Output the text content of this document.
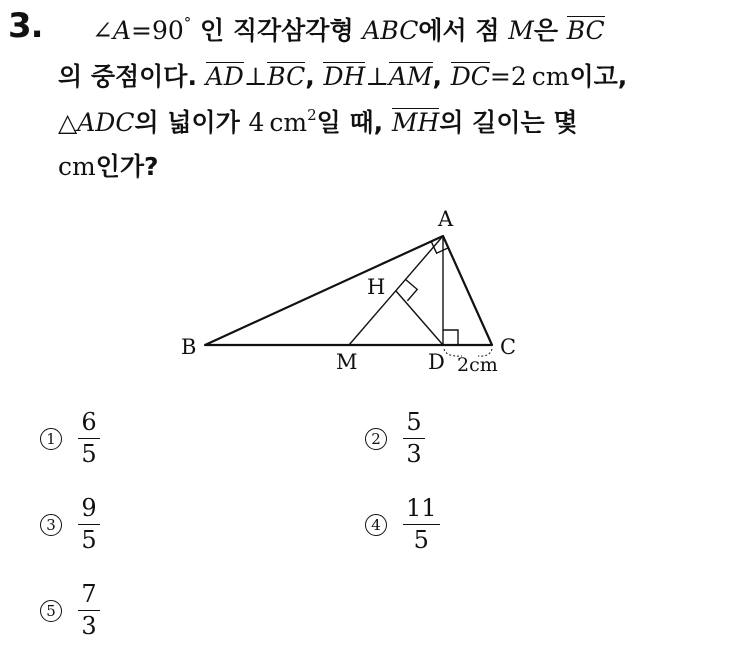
3. ∠A=90° 인 직각삼각형 ABC에서 점 M은 BC
의 중점이다. AD⊥BC, DH⊥AM, DC=2 cm이고,
△ADC의 넓이가 4 $cm^2$일 때, MH의 길이는 몇
cm인가?
A
B	C
D
H
M	2cm
$1 \frac{6}{5}$	$2 \frac{5}{3}$
$3 \frac{9}{5}$	$4 \frac{11}{5}$
$5 \frac{7}{3}$
